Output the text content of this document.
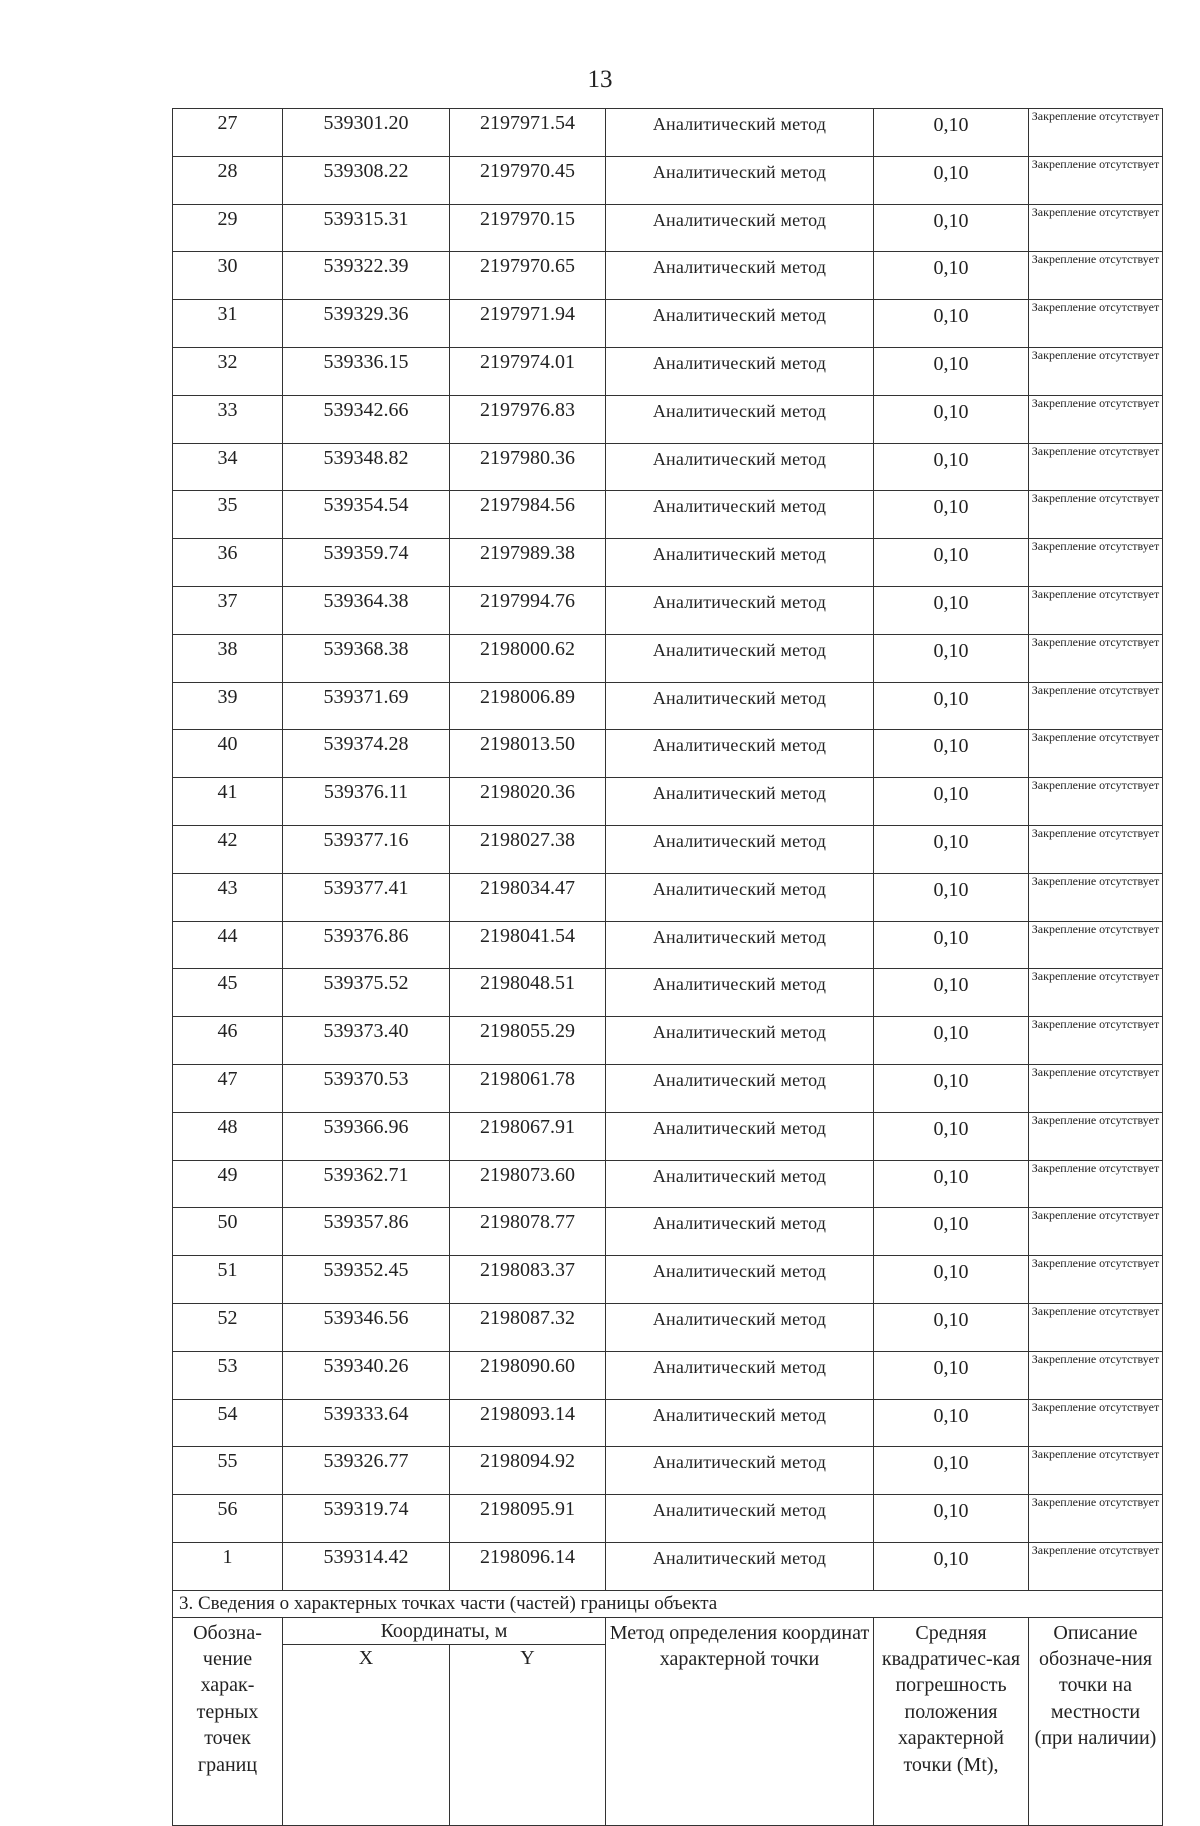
13
27	539301.20	2197971.54	Аналитический метод	0,10	Закрепление отсутствует
28	539308.22	2197970.45	Аналитический метод	0,10	Закрепление отсутствует
29	539315.31	2197970.15	Аналитический метод	0,10	Закрепление отсутствует
30	539322.39	2197970.65	Аналитический метод	0,10	Закрепление отсутствует
31	539329.36	2197971.94	Аналитический метод	0,10	Закрепление отсутствует
32	539336.15	2197974.01	Аналитический метод	0,10	Закрепление отсутствует
33	539342.66	2197976.83	Аналитический метод	0,10	Закрепление отсутствует
34	539348.82	2197980.36	Аналитический метод	0,10	Закрепление отсутствует
35	539354.54	2197984.56	Аналитический метод	0,10	Закрепление отсутствует
36	539359.74	2197989.38	Аналитический метод	0,10	Закрепление отсутствует
37	539364.38	2197994.76	Аналитический метод	0,10	Закрепление отсутствует
38	539368.38	2198000.62	Аналитический метод	0,10	Закрепление отсутствует
39	539371.69	2198006.89	Аналитический метод	0,10	Закрепление отсутствует
40	539374.28	2198013.50	Аналитический метод	0,10	Закрепление отсутствует
41	539376.11	2198020.36	Аналитический метод	0,10	Закрепление отсутствует
42	539377.16	2198027.38	Аналитический метод	0,10	Закрепление отсутствует
43	539377.41	2198034.47	Аналитический метод	0,10	Закрепление отсутствует
44	539376.86	2198041.54	Аналитический метод	0,10	Закрепление отсутствует
45	539375.52	2198048.51	Аналитический метод	0,10	Закрепление отсутствует
46	539373.40	2198055.29	Аналитический метод	0,10	Закрепление отсутствует
47	539370.53	2198061.78	Аналитический метод	0,10	Закрепление отсутствует
48	539366.96	2198067.91	Аналитический метод	0,10	Закрепление отсутствует
49	539362.71	2198073.60	Аналитический метод	0,10	Закрепление отсутствует
50	539357.86	2198078.77	Аналитический метод	0,10	Закрепление отсутствует
51	539352.45	2198083.37	Аналитический метод	0,10	Закрепление отсутствует
52	539346.56	2198087.32	Аналитический метод	0,10	Закрепление отсутствует
53	539340.26	2198090.60	Аналитический метод	0,10	Закрепление отсутствует
54	539333.64	2198093.14	Аналитический метод	0,10	Закрепление отсутствует
55	539326.77	2198094.92	Аналитический метод	0,10	Закрепление отсутствует
56	539319.74	2198095.91	Аналитический метод	0,10	Закрепление отсутствует
1	539314.42	2198096.14	Аналитический метод	0,10	Закрепление отсутствует
3. Сведения о характерных точках части (частей) границы объекта					

Обозна-чение харак-терных точек границ	Координаты, м		Метод определения координат характерной точки	Средняя квадратичес-кая погрешность положения характерной точки (Mt),	Описание обозначе-ния точки на местности (при наличии)

	X	Y			
